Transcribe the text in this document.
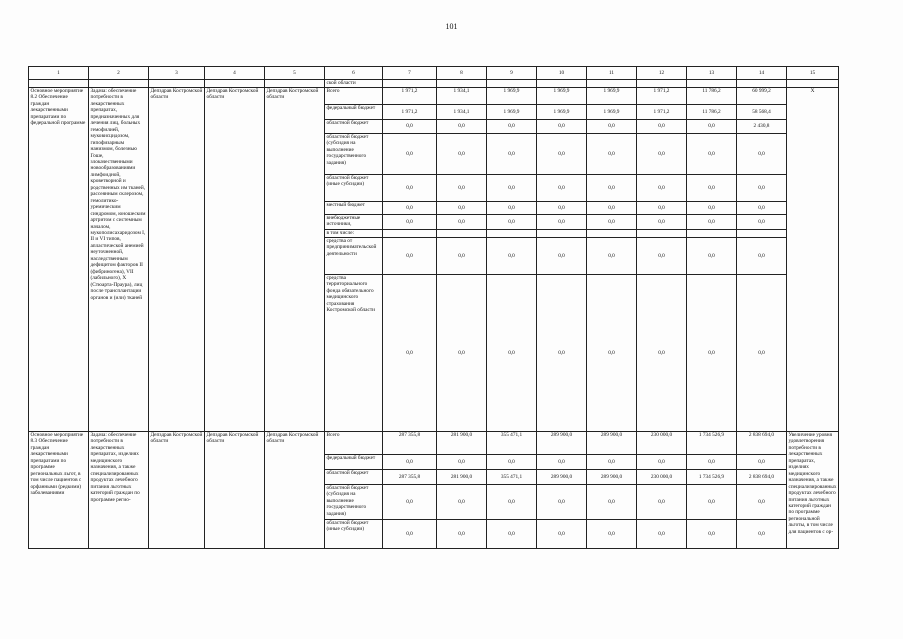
101
1	2	3	4	5	6	7	8	9	10	11	12	13	14	15
					ской области									
Основное мероприятие 8.2 Обеспечение граждан лекарственными препаратами по федеральной программе	Задача: обеспечение потребности в лекарственных препаратах, предназначенных для лечения лиц, больных гемофилией, муковисцидозом, гипофизарным нанизмом, болезнью Гоше, злокачественными новообразованиями лимфоидной, кроветворной и родственных им тканей, рассеянным склерозом, гемолитико-уремическим синдромом, юношеским артритом с системным началом, мукополисахаридозом I, II и VI типов, апластической анемией неуточненной, наследственным дефицитом факторов II (фибриногена), VII (лабильного), X (Стюарта-Праура), лиц после трансплантации органов и (или) тканей	Депздрав Костромской области	Депздрав Костромской области	Депздрав Костромской области	Всего	1 971,2	1 934,1	1 969,9	1 969,9	1 969,9	1 971,2	11 786,2	60 999,2	Х
					федеральный бюджет	1 971,2	1 934,1	1 969,9	1 969,9	1 969,9	1 971,2	11 786,2	58 568,4	
					областной бюджет	0,0	0,0	0,0	0,0	0,0	0,0	0,0	2 430,8	
					областной бюджет (субсидия на выполнение государственного задания)	0,0	0,0	0,0	0,0	0,0	0,0	0,0	0,0	
					областной бюджет (иные субсидии)	0,0	0,0	0,0	0,0	0,0	0,0	0,0	0,0	
					местный бюджет	0,0	0,0	0,0	0,0	0,0	0,0	0,0	0,0	
					внебюджетные источники,	0,0	0,0	0,0	0,0	0,0	0,0	0,0	0,0	
					в том числе:									
					средства от предпринимательской деятельности	0,0	0,0	0,0	0,0	0,0	0,0	0,0	0,0	
					средства территориального фонда обязательного медицинского страхования Костромской области	0,0	0,0	0,0	0,0	0,0	0,0	0,0	0,0	
Основное мероприятие 8.3 Обеспечение граждан лекарственными препаратами по программе региональных льгот, в том числе пациентов с орфанными (редкими) заболеваниями	Задача: обеспечение потребности в лекарственных препаратах, изделиях медицинского назначения, а также специализированных продуктах лечебного питания льготных категорий граждан по программе регио-	Депздрав Костромской области	Депздрав Костромской области	Депздрав Костромской области	Всего	287 355,8	281 900,0	355 471,1	289 900,0	289 900,0	230 000,0	1 734 526,9	2 838 694,0	Увеличение уровня удовлетворения потребности в лекарственных препаратах, изделиях медицинского назначения, а также специализированных продуктах лечебного питания льготных категорий граждан по программе региональной льготы, в том числе для пациентов с ор-
					федеральный бюджет	0,0	0,0	0,0	0,0	0,0	0,0	0,0	0,0	
					областной бюджет	287 355,8	281 900,0	355 471,1	289 900,0	289 900,0	230 000,0	1 734 526,9	2 838 694,0	
					областной бюджет (субсидия на выполнение государственного задания)	0,0	0,0	0,0	0,0	0,0	0,0	0,0	0,0	
					областной бюджет (иные субсидии)	0,0	0,0	0,0	0,0	0,0	0,0	0,0	0,0	
